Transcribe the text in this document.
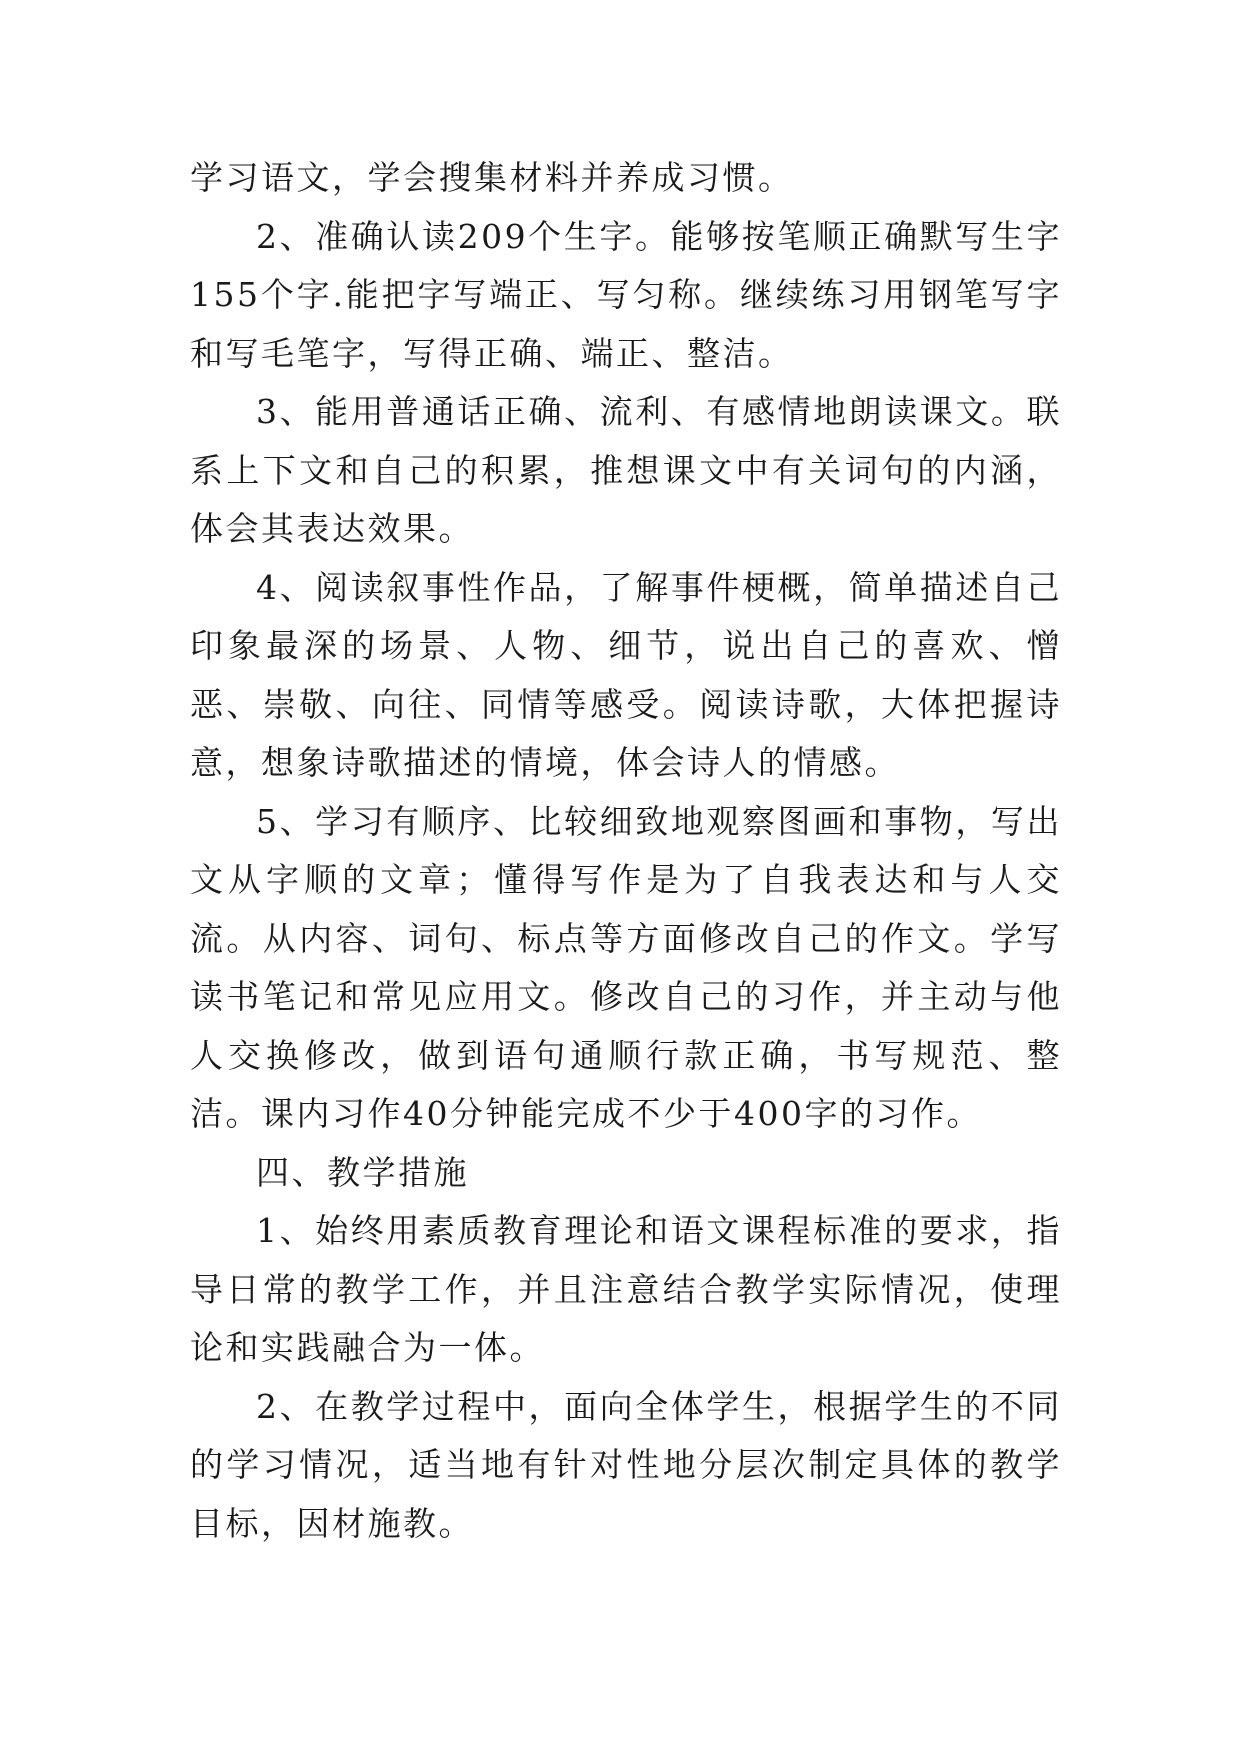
学习语文，学会搜集材料并养成习惯。

2、准确认读209个生字。能够按笔顺正确默写生字155个字.能把字写端正、写匀称。继续练习用钢笔写字和写毛笔字，写得正确、端正、整洁。

3、能用普通话正确、流利、有感情地朗读课文。联系上下文和自己的积累，推想课文中有关词句的内涵，体会其表达效果。

4、阅读叙事性作品，了解事件梗概，简单描述自己印象最深的场景、人物、细节，说出自己的喜欢、憎恶、崇敬、向往、同情等感受。阅读诗歌，大体把握诗意，想象诗歌描述的情境，体会诗人的情感。

5、学习有顺序、比较细致地观察图画和事物，写出文从字顺的文章；懂得写作是为了自我表达和与人交流。从内容、词句、标点等方面修改自己的作文。学写读书笔记和常见应用文。修改自己的习作，并主动与他人交换修改，做到语句通顺行款正确，书写规范、整洁。课内习作40分钟能完成不少于400字的习作。

四、教学措施

1、始终用素质教育理论和语文课程标准的要求，指导日常的教学工作，并且注意结合教学实际情况，使理论和实践融合为一体。

2、在教学过程中，面向全体学生，根据学生的不同的学习情况，适当地有针对性地分层次制定具体的教学目标，因材施教。
